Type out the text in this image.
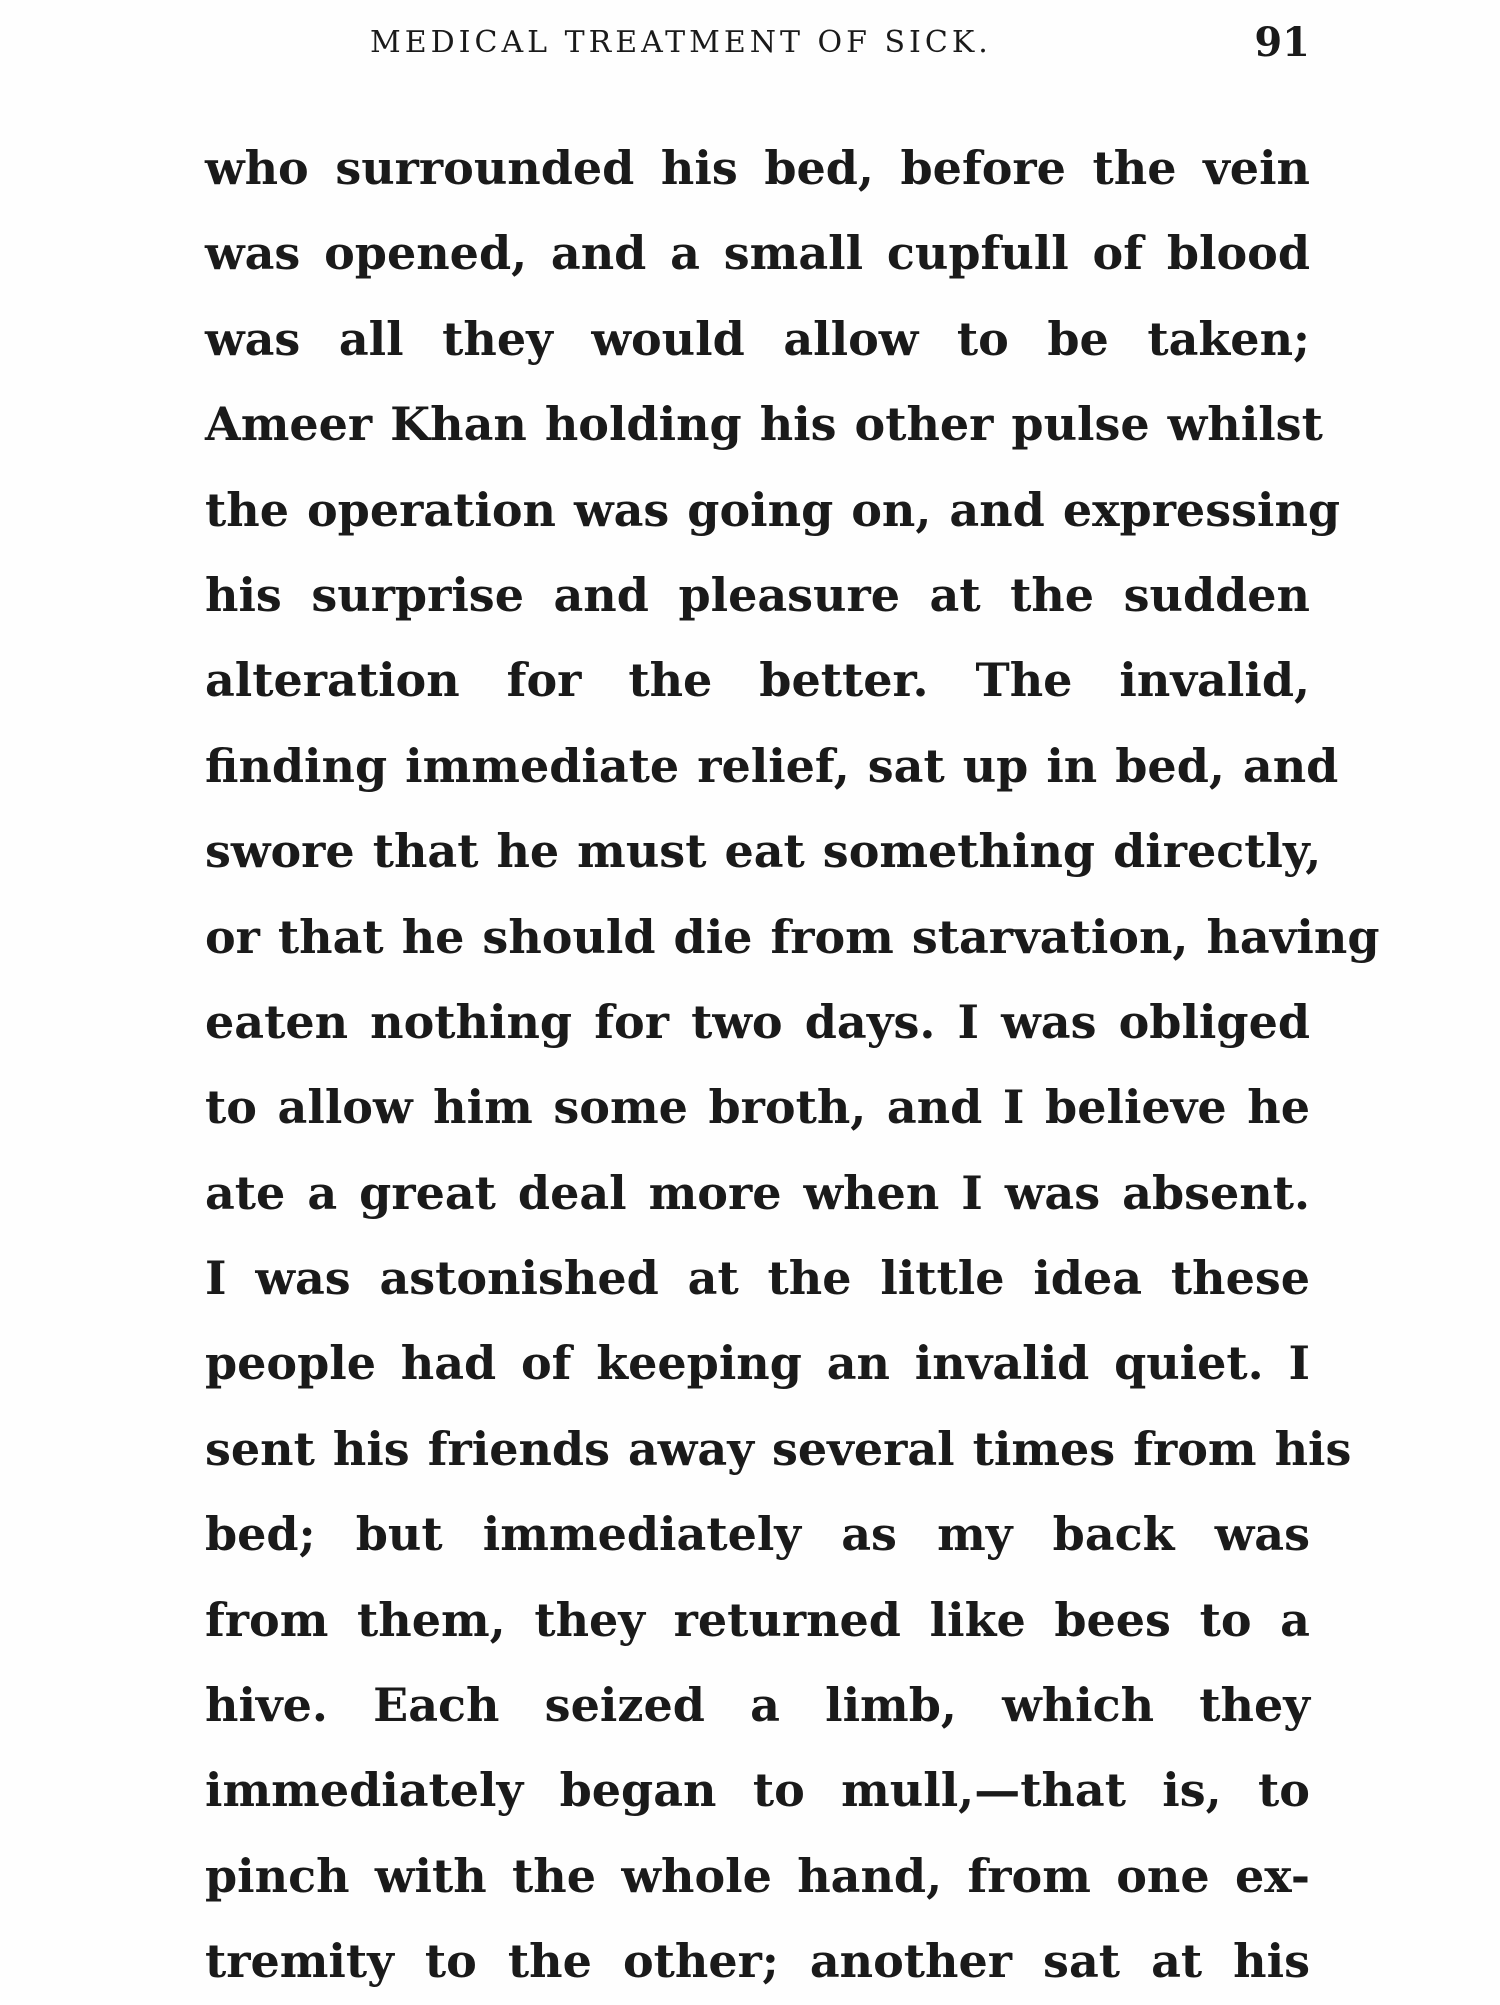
MEDICAL TREATMENT OF SICK.	91
who surrounded his bed, before the vein
was opened, and a small cupfull of blood
was all they would allow to be taken;
Ameer Khan holding his other pulse whilst
the operation was going on, and expressing
his surprise and pleasure at the sudden
alteration for the better. The invalid,
finding immediate relief, sat up in bed, and
swore that he must eat something directly,
or that he should die from starvation, having
eaten nothing for two days. I was obliged
to allow him some broth, and I believe he
ate a great deal more when I was absent.
I was astonished at the little idea these
people had of keeping an invalid quiet. I
sent his friends away several times from his
bed; but immediately as my back was
from them, they returned like bees to a
hive. Each seized a limb, which they
immediately began to mull,—that is, to
pinch with the whole hand, from one ex-
tremity to the other; another sat at his
